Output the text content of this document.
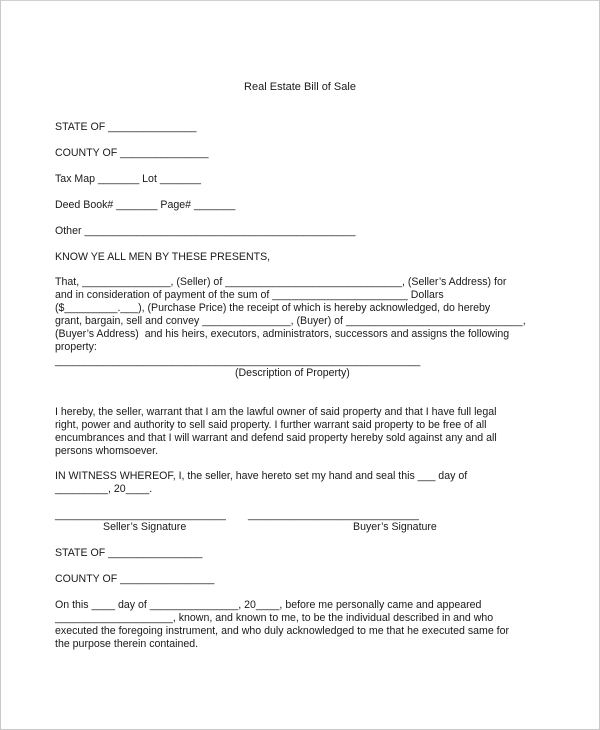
Real Estate Bill of Sale
STATE OF _______________
COUNTY OF _______________
Tax Map _______ Lot _______
Deed Book# _______ Page# _______
Other ______________________________________________
KNOW YE ALL MEN BY THESE PRESENTS,
That, _______________, (Seller) of ______________________________, (Seller’s Address) for
and in consideration of payment of the sum of _______________________ Dollars
($_________.___), (Purchase Price) the receipt of which is hereby acknowledged, do hereby
grant, bargain, sell and convey _______________, (Buyer) of ______________________________,
(Buyer’s Address)  and his heirs, executors, administrators, successors and assigns the following
property:
______________________________________________________________
(Description of Property)
I hereby, the seller, warrant that I am the lawful owner of said property and that I have full legal
right, power and authority to sell said property. I further warrant said property to be free of all
encumbrances and that I will warrant and defend said property hereby sold against any and all
persons whomsoever.
IN WITNESS WHEREOF, I, the seller, have hereto set my hand and seal this ___ day of
_________, 20____.
_____________________________
Seller’s Signature
_____________________________
Buyer’s Signature
STATE OF ________________
COUNTY OF ________________
On this ____ day of _______________, 20____, before me personally came and appeared
____________________, known, and known to me, to be the individual described in and who
executed the foregoing instrument, and who duly acknowledged to me that he executed same for
the purpose therein contained.
